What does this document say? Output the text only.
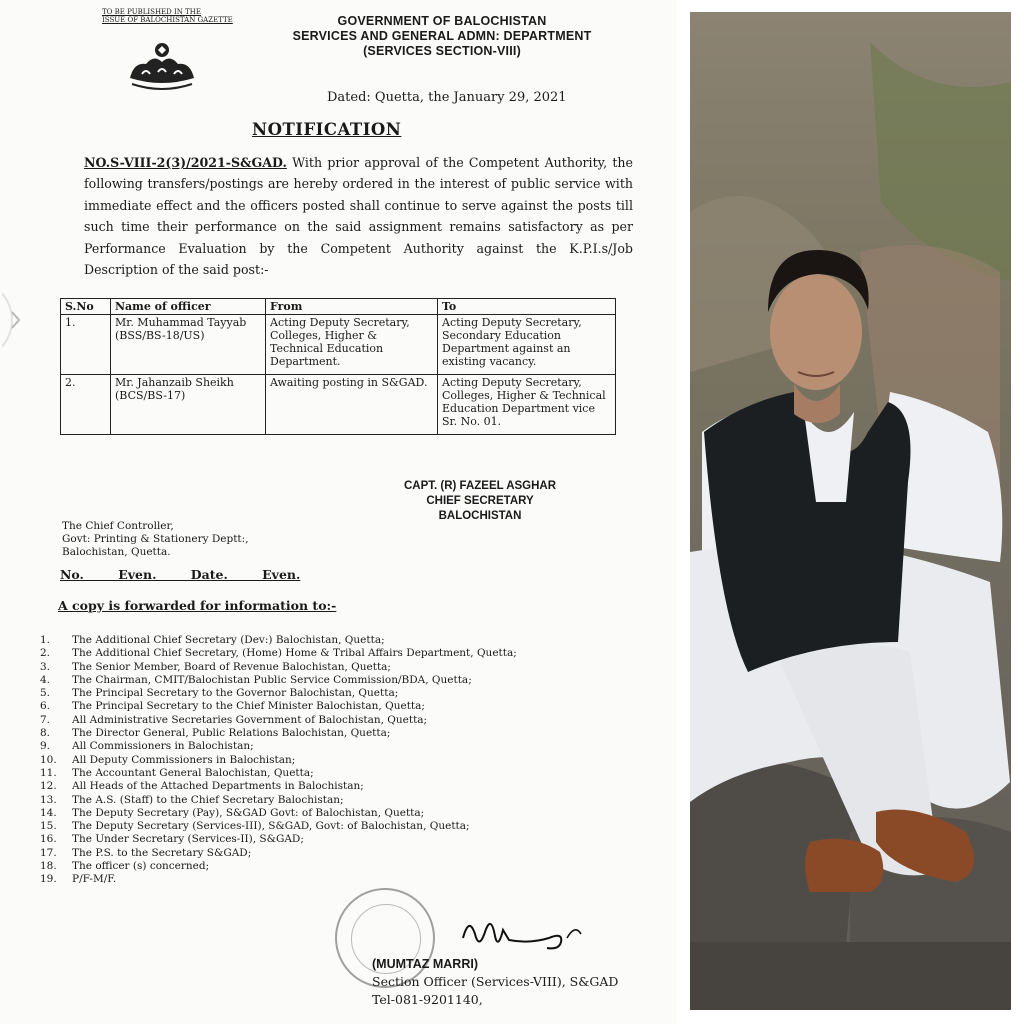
TO BE PUBLISHED IN THE
ISSUE OF BALOCHISTAN GAZETTE	GOVERNMENT OF BALOCHISTAN
SERVICES AND GENERAL ADMN: DEPARTMENT
(SERVICES SECTION-VIII)
Dated: Quetta, the January 29, 2021
NOTIFICATION
NO.S-VIII-2(3)/2021-S&GAD. With prior approval of the Competent Authority, the following transfers/postings are hereby ordered in the interest of public service with immediate effect and the officers posted shall continue to serve against the posts till such time their performance on the said assignment remains satisfactory as per Performance Evaluation by the Competent Authority against the K.P.I.s/Job Description of the said post:-
S.No	Name of officer	From	To
1.	Mr. Muhammad Tayyab (BSS/BS-18/US)	Acting Deputy Secretary, Colleges, Higher & Technical Education Department.	Acting Deputy Secretary, Secondary Education Department against an existing vacancy.
2.	Mr. Jahanzaib Sheikh (BCS/BS-17)	Awaiting posting in S&GAD.	Acting Deputy Secretary, Colleges, Higher & Technical Education Department vice Sr. No. 01.
CAPT. (R) FAZEEL ASGHAR
CHIEF SECRETARY
BALOCHISTAN
The Chief Controller,
Govt: Printing & Stationery Deptt:,
Balochistan, Quetta.
No. Even. Date. Even.
A copy is forwarded for information to:-
1.	The Additional Chief Secretary (Dev:) Balochistan, Quetta;
2.	The Additional Chief Secretary, (Home) Home & Tribal Affairs Department, Quetta;
3.	The Senior Member, Board of Revenue Balochistan, Quetta;
4.	The Chairman, CMIT/Balochistan Public Service Commission/BDA, Quetta;
5.	The Principal Secretary to the Governor Balochistan, Quetta;
6.	The Principal Secretary to the Chief Minister Balochistan, Quetta;
7.	All Administrative Secretaries Government of Balochistan, Quetta;
8.	The Director General, Public Relations Balochistan, Quetta;
9.	All Commissioners in Balochistan;
10.	All Deputy Commissioners in Balochistan;
11.	The Accountant General Balochistan, Quetta;
12.	All Heads of the Attached Departments in Balochistan;
13.	The A.S. (Staff) to the Chief Secretary Balochistan;
14.	The Deputy Secretary (Pay), S&GAD Govt: of Balochistan, Quetta;
15.	The Deputy Secretary (Services-III), S&GAD, Govt: of Balochistan, Quetta;
16.	The Under Secretary (Services-II), S&GAD;
17.	The P.S. to the Secretary S&GAD;
18.	The officer (s) concerned;
19.	P/F-M/F.
(MUMTAZ MARRI)
Section Officer (Services-VIII), S&GAD
Tel-081-9201140,
